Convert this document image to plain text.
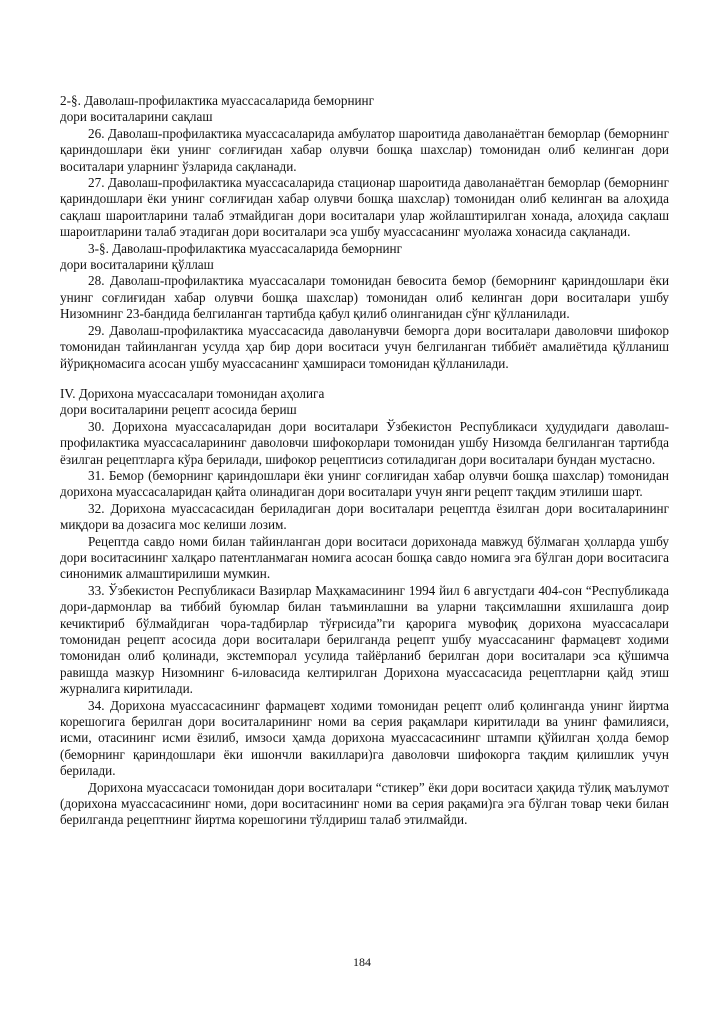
2-§. Даволаш-профилактика муассасаларида беморнинг

дори воситаларини сақлаш

26. Даволаш-профилактика муассасаларида амбулатор шароитида даволанаётган беморлар (беморнинг қариндошлари ёки унинг соғлиғидан хабар олувчи бошқа шахслар) томонидан олиб келинган дори воситалари уларнинг ўзларида сақланади.

27. Даволаш-профилактика муассасаларида стационар шароитида даволанаётган беморлар (беморнинг қариндошлари ёки унинг соғлиғидан хабар олувчи бошқа шахслар) томонидан олиб келинган ва алоҳида сақлаш шароитларини талаб этмайдиган дори воситалари улар жойлаштирилган хонада, алоҳида сақлаш шароитларини талаб этадиган дори воситалари эса ушбу муассасанинг муолажа хонасида сақланади.

3-§. Даволаш-профилактика муассасаларида беморнинг

дори воситаларини қўллаш

28. Даволаш-профилактика муассасалари томонидан бевосита бемор (беморнинг қариндошлари ёки унинг соғлиғидан хабар олувчи бошқа шахслар) томонидан олиб келинган дори воситалари ушбу Низомнинг 23-бандида белгиланган тартибда қабул қилиб олинганидан сўнг қўлланилади.

29. Даволаш-профилактика муассасасида даволанувчи беморга дори воситалари даволовчи шифокор томонидан тайинланган усулда ҳар бир дори воситаси учун белгиланган тиббиёт амалиётида қўлланиш йўриқномасига асосан ушбу муассасанинг ҳамшираси томонидан қўлланилади.

IV. Дорихона муассасалари томонидан аҳолига

дори воситаларини рецепт асосида бериш

30. Дорихона муассасаларидан дори воситалари Ўзбекистон Республикаси ҳудудидаги даволаш-профилактика муассасаларининг даволовчи шифокорлари томонидан ушбу Низомда белгиланган тартибда ёзилган рецептларга кўра берилади, шифокор рецептисиз сотиладиган дори воситалари бундан мустасно.

31. Бемор (беморнинг қариндошлари ёки унинг соғлиғидан хабар олувчи бошқа шахслар) томонидан дорихона муассасаларидан қайта олинадиган дори воситалари учун янги рецепт тақдим этилиши шарт.

32. Дорихона муассасасидан бериладиган дори воситалари рецептда ёзилган дори воситаларининг миқдори ва дозасига мос келиши лозим.

Рецептда савдо номи билан тайинланган дори воситаси дорихонада мавжуд бўлмаган ҳолларда ушбу дори воситасининг халқаро патентланмаган номига асосан бошқа савдо номига эга бўлган дори воситасига синонимик алмаштирилиши мумкин.

33. Ўзбекистон Республикаси Вазирлар Маҳкамасининг 1994 йил 6 августдаги 404-сон “Республикада дори-дармонлар ва тиббий буюмлар билан таъминлашни ва уларни тақсимлашни яхшилашга доир кечиктириб бўлмайдиган чора-тадбирлар тўғрисида”ги қарорига мувофиқ дорихона муассасалари томонидан рецепт асосида дори воситалари берилганда рецепт ушбу муассасанинг фармацевт ходими томонидан олиб қолинади, экстемпорал усулида тайёрланиб берилган дори воситалари эса қўшимча равишда мазкур Низомнинг 6-иловасида келтирилган Дорихона муассасасида рецептларни қайд этиш журналига киритилади.

34. Дорихона муассасасининг фармацевт ходими томонидан рецепт олиб қолинганда унинг йиртма корешогига берилган дори воситаларининг номи ва серия рақамлари киритилади ва унинг фамилияси, исми, отасининг исми ёзилиб, имзоси ҳамда дорихона муассасасининг штампи қўйилган ҳолда бемор (беморнинг қариндошлари ёки ишончли вакиллари)га даволовчи шифокорга тақдим қилишлик учун берилади.

Дорихона муассасаси томонидан дори воситалари “стикер” ёки дори воситаси ҳақида тўлиқ маълумот (дорихона муассасасининг номи, дори воситасининг номи ва серия рақами)га эга бўлган товар чеки билан берилганда рецептнинг йиртма корешогини тўлдириш талаб этилмайди.

184
